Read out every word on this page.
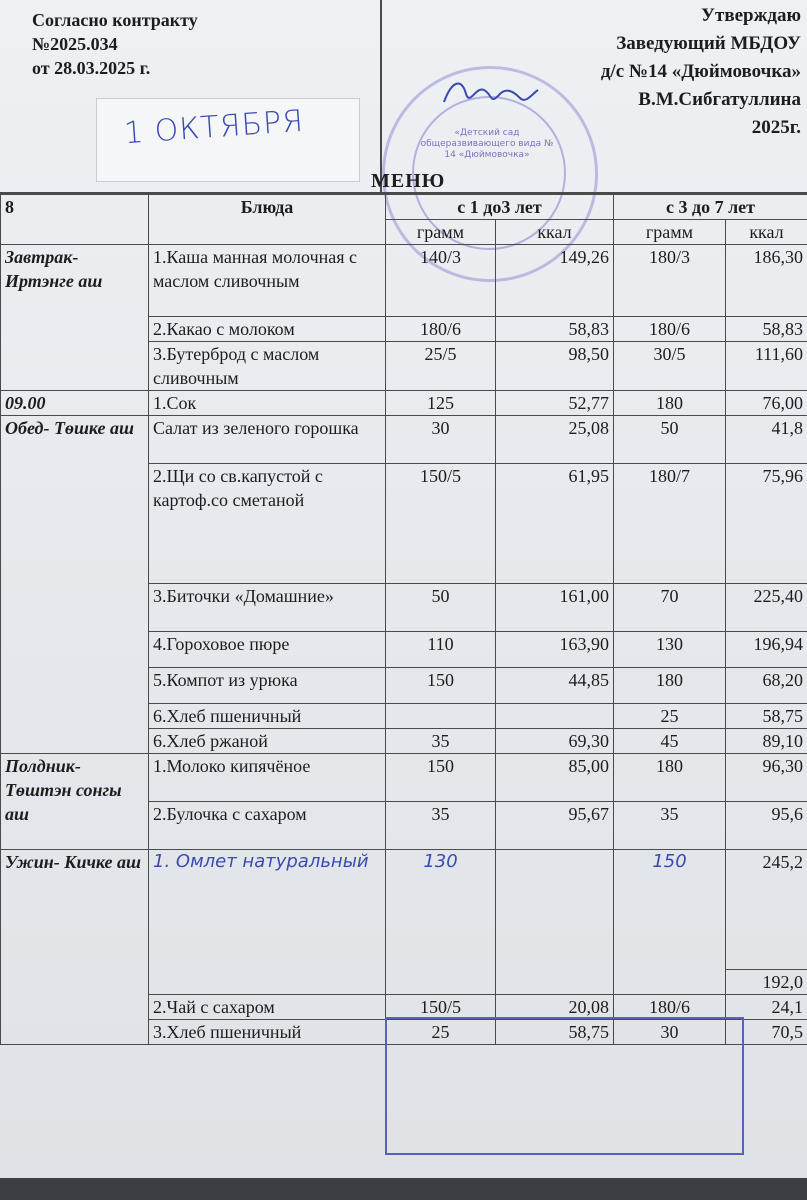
Согласно контракту
№2025.034
от 28.03.2025 г.
Утверждаю
Заведующий МБДОУ
д/с №14 «Дюймовочка»
В.М.Сибгатуллина
2025г.
1 ОКТЯБРЯ	«Детский сад общеразвивающего вида № 14 «Дюймовочка»
МЕНЮ
8	Блюда	с 1 до3 лет		с 3 до 7 лет	
		грамм	ккал	грамм	ккал
Завтрак- Иртэнге аш	1.Каша манная молочная с маслом сливочным	140/3	149,26	180/3	186,30
	2.Какао с молоком	180/6	58,83	180/6	58,83
	3.Бутерброд с маслом сливочным	25/5	98,50	30/5	111,60
09.00	1.Сок	125	52,77	180	76,00
Обед- Тѳшке аш	Салат из зеленого горошка	30	25,08	50	41,8
	2.Щи со св.капустой с картоф.со сметаной	150/5	61,95	180/7	75,96
	3.Биточки «Домашние»	50	161,00	70	225,40
	4.Гороховое пюре	110	163,90	130	196,94
	5.Компот из урюка	150	44,85	180	68,20
	6.Хлеб пшеничный			25	58,75
	6.Хлеб ржаной	35	69,30	45	89,10
Полдник- Тѳштэн сонгы аш	1.Молоко кипячёное	150	85,00	180	96,30
	2.Булочка с сахаром	35	95,67	35	95,6
Ужин- Кичке аш	1. Омлет натуральный	130		150	245,2
					192,0
	2.Чай с сахаром	150/5	20,08	180/6	24,1
	3.Хлеб пшеничный	25	58,75	30	70,5
